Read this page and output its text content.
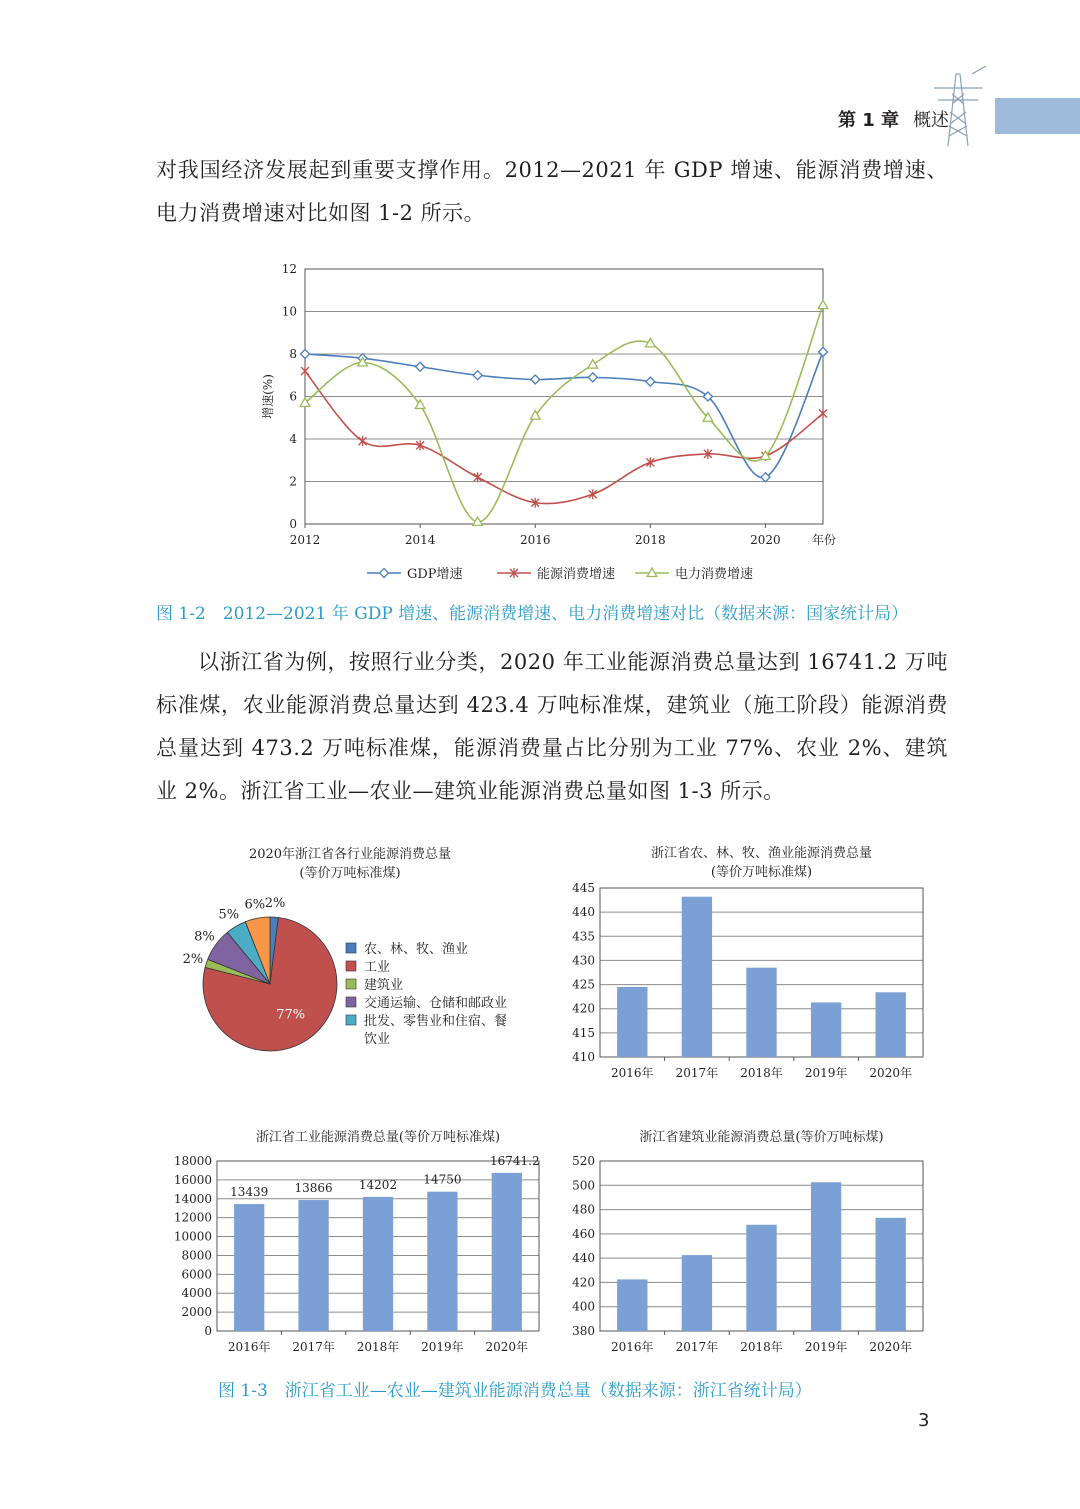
第 1 章 概述

对我国经济发展起到重要支撑作用。2012—2021 年 GDP 增速、能源消费增速、电力消费增速对比如图 1-2 所示。

0
2
4
6
8
10
12
2012	2014	2016	2018	2020	年份
增速(%)
GDP增速	能源消费增速	电力消费增速
图 1-2　2012—2021 年 GDP 增速、能源消费增速、电力消费增速对比（数据来源：国家统计局）

以浙江省为例，按照行业分类，2020 年工业能源消费总量达到 16741.2 万吨标准煤，农业能源消费总量达到 423.4 万吨标准煤，建筑业（施工阶段）能源消费总量达到 473.2 万吨标准煤，能源消费量占比分别为工业 77%、农业 2%、建筑业 2%。浙江省工业—农业—建筑业能源消费总量如图 1-3 所示。

2020年浙江省各行业能源消费总量
(等价万吨标准煤)
2%
77%
2%
8%
5%
6%
农、林、牧、渔业
工业
建筑业
交通运输、仓储和邮政业
批发、零售业和住宿、餐
饮业
浙江省农、林、牧、渔业能源消费总量
(等价万吨标准煤)
410
415
420
425
430
435
440
445
2016年 2017年 2018年 2019年 2020年
浙江省工业能源消费总量(等价万吨标准煤)
0
2000
4000
6000
8000
10000
12000
14000
16000
18000
2016年
13439
2017年
13866
2018年
14202
2019年
14750
2020年
16741.2
浙江省建筑业能源消费总量(等价万吨标煤)
380
400
420
440
460
480
500
520
2016年 2017年 2018年 2019年 2020年
图 1-3　浙江省工业—农业—建筑业能源消费总量（数据来源：浙江省统计局）
3
